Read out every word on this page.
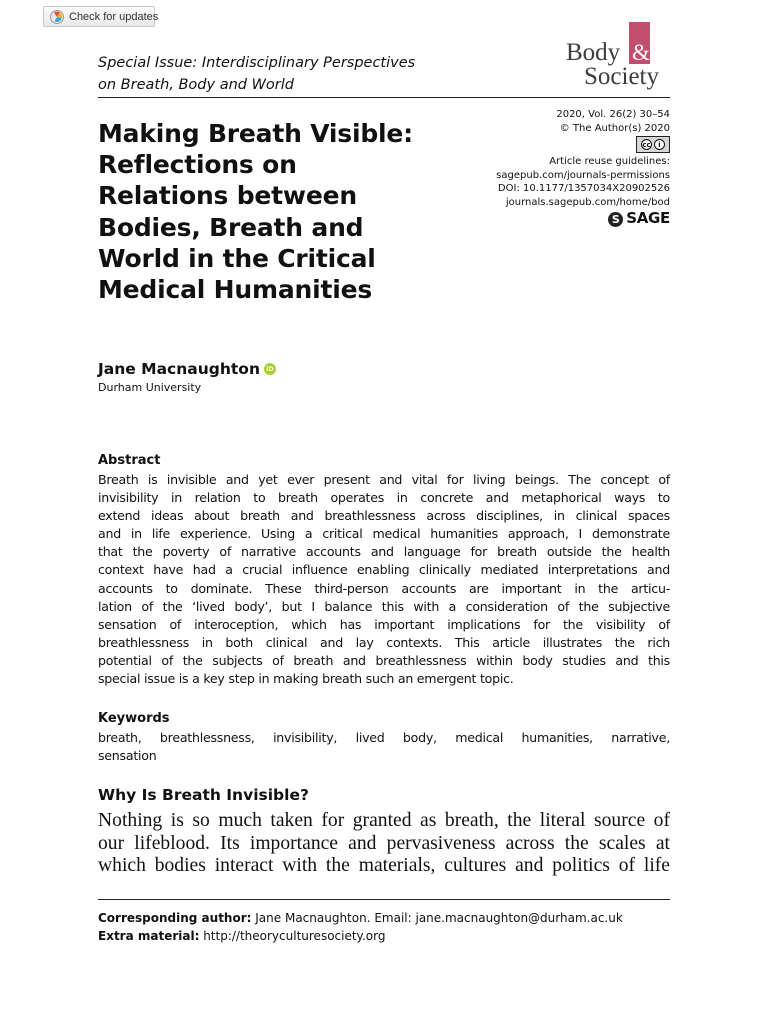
Check for updates
Special Issue: Interdisciplinary Perspectives
on Breath, Body and World
Body &
Society
Making Breath Visible:
Reflections on
Relations between
Bodies, Breath and
World in the Critical
Medical Humanities
2020, Vol. 26(2) 30–54
© The Author(s) 2020
cc	i
Article reuse guidelines:
sagepub.com/journals-permissions
DOI: 10.1177/1357034X20902526
journals.sagepub.com/home/bod
S SAGE
Jane Macnaughton iD
Durham University
Abstract
Breath is invisible and yet ever present and vital for living beings. The concept of
invisibility in relation to breath operates in concrete and metaphorical ways to
extend ideas about breath and breathlessness across disciplines, in clinical spaces
and in life experience. Using a critical medical humanities approach, I demonstrate
that the poverty of narrative accounts and language for breath outside the health
context have had a crucial influence enabling clinically mediated interpretations and
accounts to dominate. These third-person accounts are important in the articu-
lation of the ‘lived body’, but I balance this with a consideration of the subjective
sensation of interoception, which has important implications for the visibility of
breathlessness in both clinical and lay contexts. This article illustrates the rich
potential of the subjects of breath and breathlessness within body studies and this
special issue is a key step in making breath such an emergent topic.
Keywords
breath, breathlessness, invisibility, lived body, medical humanities, narrative,
sensation
Why Is Breath Invisible?
Nothing is so much taken for granted as breath, the literal source of
our lifeblood. Its importance and pervasiveness across the scales at
which bodies interact with the materials, cultures and politics of life
Corresponding author: Jane Macnaughton. Email: jane.macnaughton@durham.ac.uk
Extra material: http://theoryculturesociety.org
